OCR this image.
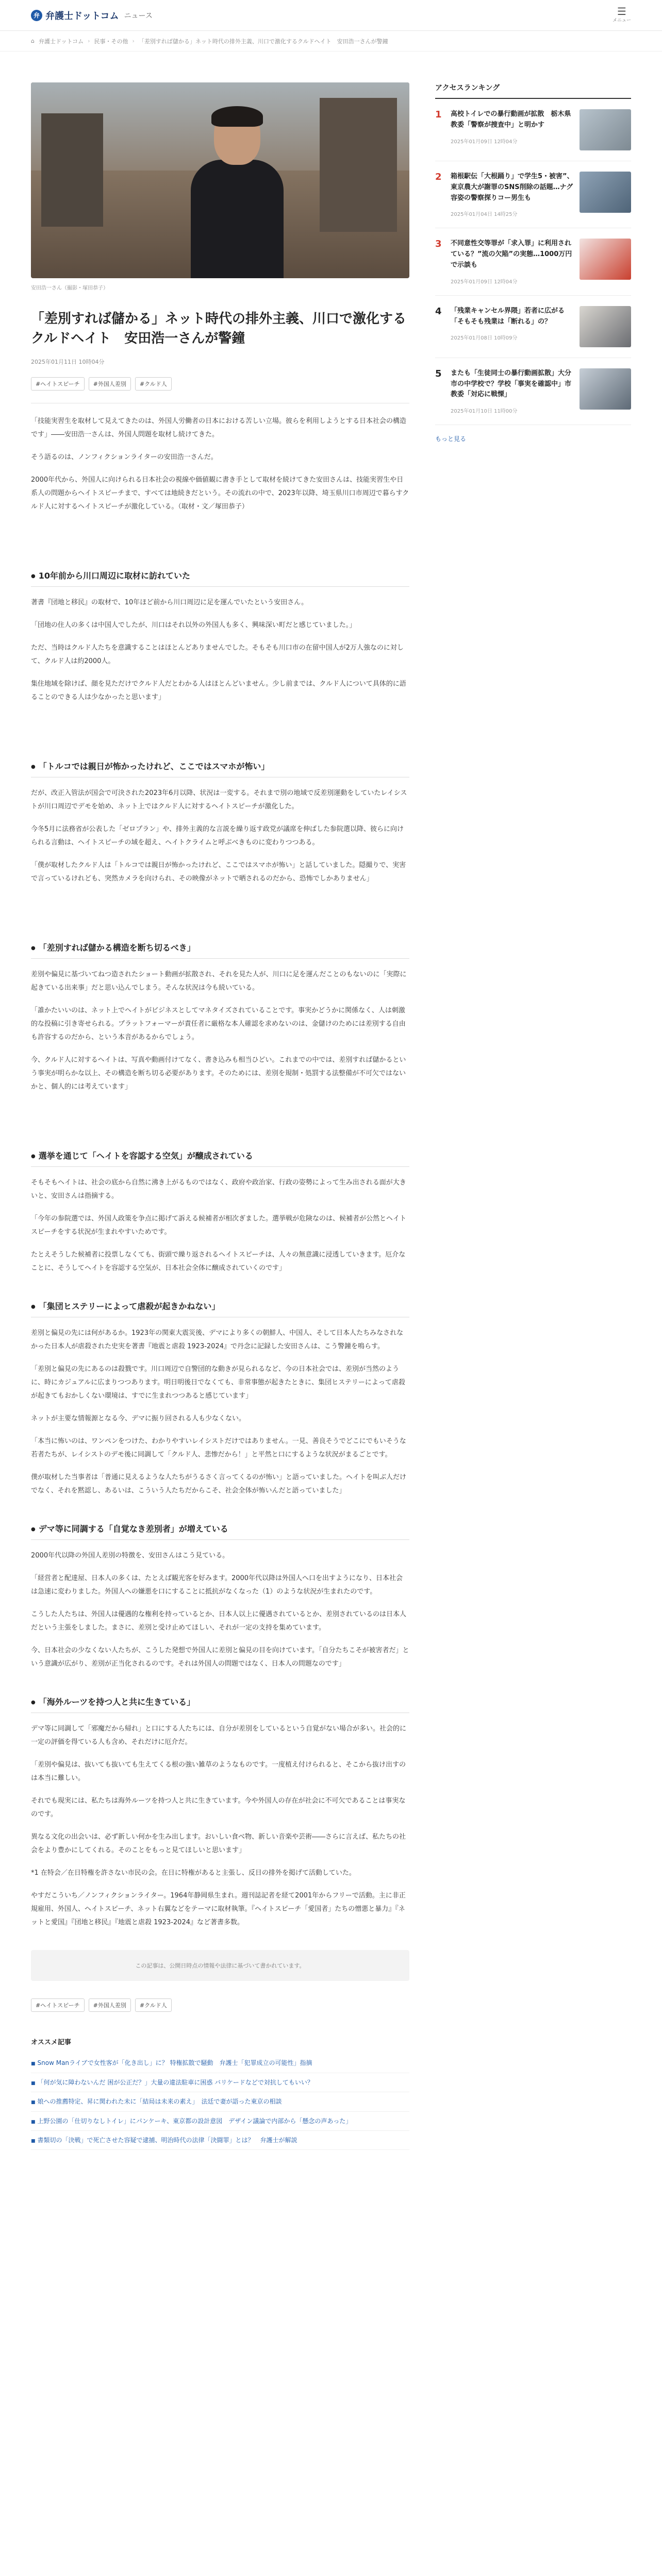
弁 弁護士ドットコム ニュース	☰
メニュー
⌂ 弁護士ドットコム › 民事・その他 › 「差別すれば儲かる」ネット時代の排外主義、川口で激化するクルドヘイト　安田浩一さんが警鐘
安田浩一さん（撮影・塚田恭子）
「差別すれば儲かる」ネット時代の排外主義、川口で激化するクルドヘイト　安田浩一さんが警鐘
2025年01月11日 10時04分
#ヘイトスピーチ	#外国人差別	#クルド人

「技能実習生を取材して見えてきたのは、外国人労働者の日本における苦しい立場。彼らを利用しようとする日本社会の構造です」――安田浩一さんは、外国人問題を取材し続けてきた。

そう語るのは、ノンフィクションライターの安田浩一さんだ。

2000年代から、外国人に向けられる日本社会の視線や価値観に書き手として取材を続けてきた安田さんは、技能実習生や日系人の問題からヘイトスピーチまで、すべては地続きだという。その流れの中で、2023年以降、埼玉県川口市周辺で暮らすクルド人に対するヘイトスピーチが激化している。（取材・文／塚田恭子）

● 10年前から川口周辺に取材に訪れていた

著書『団地と移民』の取材で、10年ほど前から川口周辺に足を運んでいたという安田さん。

「団地の住人の多くは中国人でしたが、川口はそれ以外の外国人も多く、興味深い町だと感じていました。」

ただ、当時はクルド人たちを意識することはほとんどありませんでした。そもそも川口市の在留中国人が2万人強なのに対して、クルド人は約2000人。

集住地域を除けば、顔を見ただけでクルド人だとわかる人はほとんどいません。少し前までは、クルド人について具体的に語ることのできる人は少なかったと思います」

● 「トルコでは親日が怖かったけれど、ここではスマホが怖い」

だが、改正入管法が国会で可決された2023年6月以降、状況は一変する。それまで別の地域で反差別運動をしていたレイシストが川口周辺でデモを始め、ネット上ではクルド人に対するヘイトスピーチが激化した。

今冬5月に法務省が公表した「ゼロプラン」や、排外主義的な言説を繰り返す政党が議席を伸ばした参院選以降、彼らに向けられる言動は、ヘイトスピーチの域を超え、ヘイトクライムと呼ぶべきものに変わりつつある。

「僕が取材したクルド人は「トルコでは親日が怖かったけれど、ここではスマホが怖い」と話していました。隠撮りで、実害で言っているけれども、突然カメラを向けられ、その映像がネットで晒されるのだから、恐怖でしかありません」

● 「差別すれば儲かる構造を断ち切るべき」

差別や偏見に基づいてねつ造されたショート動画が拡散され、それを見た人が、川口に足を運んだことのもないのに「実際に起きている出来事」だと思い込んでしまう。そんな状況は今も続いている。

「誰かたいいのは、ネット上でヘイトがビジネスとしてマネタイズされていることです。事実かどうかに関係なく、人は刺激的な投稿に引き寄せられる。プラットフォーマーが責任者に厳格な本人確認を求めないのは、金儲けのためには差別する自由も許容するのだから、という本音があるからでしょう。

今、クルド人に対するヘイトは、写真や動画付けてなく、書き込みも相当ひどい。これまでの中では、差別すれば儲かるという事実が明らかな以上、その構造を断ち切る必要があります。そのためには、差別を規制・処罰する法整備が不可欠ではないかと、個人的には考えています」

● 選挙を通じて「ヘイトを容認する空気」が醸成されている

そもそもヘイトは、社会の底から自然に沸き上がるものではなく、政府や政治家、行政の姿勢によって生み出される面が大きいと、安田さんは指摘する。

「今年の参院選では、外国人政策を争点に掲げて訴える候補者が相次ぎました。選挙戦が危険なのは、候補者が公然とヘイトスピーチをする状況が生まれやすいためです。

たとえそうした候補者に投票しなくても、街頭で繰り返されるヘイトスピーチは、人々の無意識に浸透していきます。厄介なことに、そうしてヘイトを容認する空気が、日本社会全体に醸成されていくのです」

● 「集団ヒステリーによって虐殺が起きかねない」

差別と偏見の先には何があるか。1923年の関東大震災後、デマにより多くの朝鮮人、中国人、そして日本人たちみなされなかった日本人が虐殺された史実を著書『地震と虐殺 1923-2024』で丹念に記録した安田さんは、こう警鐘を鳴らす。

「差別と偏見の先にあるのは殺戮です。川口周辺で自警団的な動きが見られるなど、今の日本社会では、差別が当然のように、時にカジュアルに広まりつつあります。明日明後日でなくても、非常事態が起きたときに、集団ヒステリーによって虐殺が起きてもおかしくない環境は、すでに生まれつつあると感じています」

ネットが主要な情報源となる今、デマに振り回される人も少なくない。

「本当に怖いのは、ワンペンをつけた、わかりやすいレイシストだけではありません。一見、善良そうでどこにでもいそうな若者たちが、レイシストのデモ後に同調して「クルド人、悲惨だから！」と平然と口にするような状況がまるごとです。

僕が取材した当事者は「普通に見えるような人たちがうるさく言ってくるのが怖い」と語っていました。ヘイトを叫ぶ人だけでなく、それを黙認し、あるいは、こういう人たちだからこそ、社会全体が怖いんだと語っていました」

● デマ等に同調する「自覚なき差別者」が増えている

2000年代以降の外国人差別の特徴を、安田さんはこう見ている。

「経営者と配達屋、日本人の多くは、たとえば観光客を好みます。2000年代以降は外国人へ口を出すようになり、日本社会は急速に変わりました。外国人への嫌悪を口にすることに抵抗がなくなった（1）のような状況が生まれたのです。

こうした人たちは、外国人は優遇的な権利を持っているとか、日本人以上に優遇されているとか、差別されているのは日本人だという主張をしました。まさに、差別と受け止めてほしい、それが一定の支持を集めています。

今、日本社会の少なくない人たちが、こうした発想で外国人に差別と偏見の目を向けています。「自分たちこそが被害者だ」という意識が広がり、差別が正当化されるのです。それは外国人の問題ではなく、日本人の問題なのです」

● 「海外ルーツを持つ人と共に生きている」

デマ等に同調して「邪魔だから帰れ」と口にする人たちには、自分が差別をしているという自覚がない場合が多い。社会的に一定の評価を得ている人も含め、それだけに厄介だ。

「差別や偏見は、抜いても抜いても生えてくる根の強い雑草のようなものです。一度植え付けられると、そこから抜け出すのは本当に難しい。

それでも現実には、私たちは海外ルーツを持つ人と共に生きています。今や外国人の存在が社会に不可欠であることは事実なのです。

異なる文化の出会いは、必ず新しい何かを生み出します。おいしい食べ物、新しい音楽や芸術――さらに言えば、私たちの社会をより豊かにしてくれる。そのことをもっと見てほしいと思います」

*1 在特会／在日特権を許さない市民の会。在日に特権があると主張し、反日の排外を掲げて活動していた。

やすだこういち／ノンフィクションライター。1964年静岡県生まれ。週刊誌記者を経て2001年からフリーで活動。主に非正規雇用、外国人、ヘイトスピーチ、ネット右翼などをテーマに取材執筆。『ヘイトスピーチ「愛国者」たちの憎悪と暴力』『ネットと愛国』『団地と移民』『地震と虐殺 1923-2024』など著書多数。

この記事は、公開日時点の情報や法律に基づいて書かれています。
#ヘイトスピーチ	#外国人差別	#クルド人
オススメ記事
■ Snow Manライブで女性客が「化き出し」に？ 特権拡散で騒動　弁護士「犯罪成立の可能性」指摘
■ 「何が気に障わないんだ 困が公正だ？」大量の違法駐車に困惑 バリケードなどで対抗してもいい？
■ 娘への推薦特定、昇に関われた未に「結局は未来の素え」　法廷で妻が語った東京の相談
■ 上野公園の「仕切りなしトイレ」にパンケーキ、東京都の設計意図　デザイン議論で内部から「懸念の声あった」
■ 書類切の「決戦」で死亡させた容疑で逮捕、明治時代の法律「決闘罪」とは？　弁護士が解説
アクセスランキング
1	高校トイレでの暴行動画が拡散　栃木県教委「警察が捜査中」と明かす
2025年01月09日 12時04分
2	箱根駅伝「大根踊り」で学生5・被害”、東京農大が謝罪のSNS削除の話題…ナグ容姿の警察探りコー男生も
2025年01月04日 14時25分
3	不同意性交等罪が「求入罪」に利用されている？”流の欠陥”の実態…1000万円で示談も
2025年01月09日 12時04分
4	「残業キャンセル界隈」若者に広がる「そもそも残業は「断れる」の？
2025年01月08日 10時09分
5	またも「生徒同士の暴行動画拡散」大分市の中学校で？学校「事実を確認中」市教委「対応に戦慄」
2025年01月10日 11時00分
もっと見る
